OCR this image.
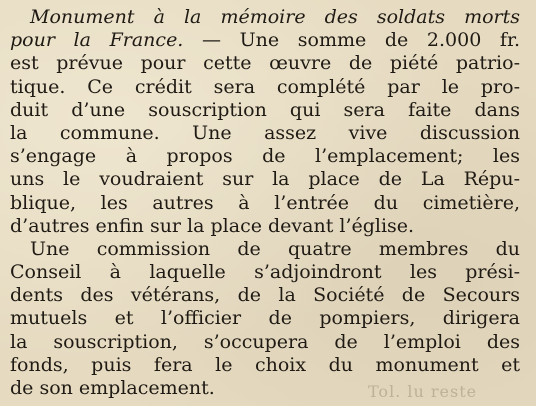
Monument à la mémoire des soldats morts
pour la France. — Une somme de 2.000 fr.
est prévue pour cette œuvre de piété patrio-
tique. Ce crédit sera complété par le pro-
duit d’une souscription qui sera faite dans
la commune. Une assez vive discussion
s’engage à propos de l’emplacement; les
uns le voudraient sur la place de La Répu-
blique, les autres à l’entrée du cimetière,
d’autres enfin sur la place devant l’église.
Une commission de quatre membres du
Conseil à laquelle s’adjoindront les prési-
dents des vétérans, de la Société de Secours
mutuels et l’officier de pompiers, dirigera
la souscription, s’occupera de l’emploi des
fonds, puis fera le choix du monument et
de son emplacement.	Tol. lu reste
